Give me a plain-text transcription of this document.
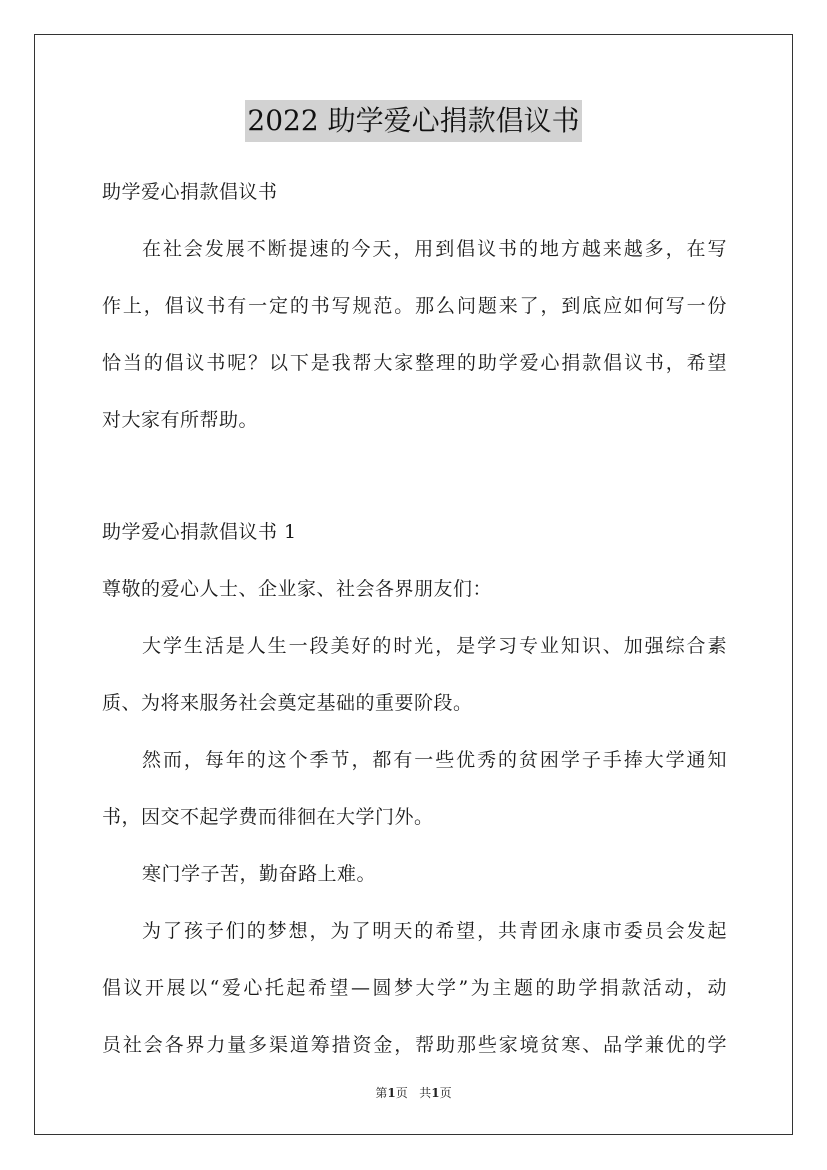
2022 助学爱心捐款倡议书
助学爱心捐款倡议书
在社会发展不断提速的今天，用到倡议书的地方越来越多，在写
作上，倡议书有一定的书写规范。那么问题来了，到底应如何写一份
恰当的倡议书呢？以下是我帮大家整理的助学爱心捐款倡议书，希望
对大家有所帮助。
助学爱心捐款倡议书 1
尊敬的爱心人士、企业家、社会各界朋友们：
大学生活是人生一段美好的时光，是学习专业知识、加强综合素
质、为将来服务社会奠定基础的重要阶段。
然而，每年的这个季节，都有一些优秀的贫困学子手捧大学通知
书，因交不起学费而徘徊在大学门外。
寒门学子苦，勤奋路上难。
为了孩子们的梦想，为了明天的希望，共青团永康市委员会发起
倡议开展以“爱心托起希望—圆梦大学”为主题的助学捐款活动，动
员社会各界力量多渠道筹措资金，帮助那些家境贫寒、品学兼优的学
第1页   共1页
